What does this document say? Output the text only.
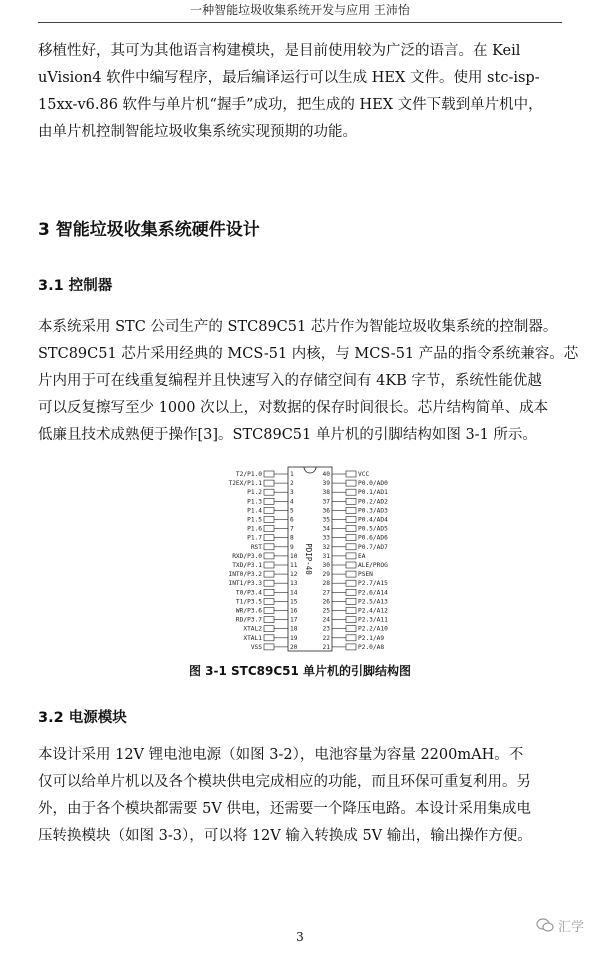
一种智能垃圾收集系统开发与应用 王沛怡

移植性好，其可为其他语言构建模块，是目前使用较为广泛的语言。在 Keil

uVision4 软件中编写程序，最后编译运行可以生成 HEX 文件。使用 stc-isp-

15xx-v6.86 软件与单片机“握手”成功，把生成的 HEX 文件下载到单片机中，

由单片机控制智能垃圾收集系统实现预期的功能。

3 智能垃圾收集系统硬件设计
3.1 控制器

本系统采用 STC 公司生产的 STC89C51 芯片作为智能垃圾收集系统的控制器。

STC89C51 芯片采用经典的 MCS-51 内核，与 MCS-51 产品的指令系统兼容。芯

片内用于可在线重复编程并且快速写入的存储空间有 4KB 字节，系统性能优越

可以反复擦写至少 1000 次以上，对数据的保存时间很长。芯片结构简单、成本

低廉且技术成熟便于操作[3]。STC89C51 单片机的引脚结构如图 3-1 所示。

PDIP-40
T2/P1.0	1
T2EX/P1.1	2
P1.2	3
P1.3	4
P1.4	5
P1.5	6
P1.6	7
P1.7	8
RST	9
RXD/P3.0	10
TXD/P3.1	11
INT0/P3.2	12
INT1/P3.3	13
T0/P3.4	14
T1/P3.5	15
WR/P3.6	16
RD/P3.7	17
XTAL2	18
XTAL1	19
VSS	20
40	VCC
39	P0.0/AD0
38	P0.1/AD1
37	P0.2/AD2
36	P0.3/AD3
35	P0.4/AD4
34	P0.5/AD5
33	P0.6/AD6
32	P0.7/AD7
31	EA
30	ALE/PROG
29	PSEN
28	P2.7/A15
27	P2.6/A14
26	P2.5/A13
25	P2.4/A12
24	P2.3/A11
23	P2.2/A10
22	P2.1/A9
21	P2.0/A8
图 3-1 STC89C51 单片机的引脚结构图
3.2 电源模块

本设计采用 12V 锂电池电源（如图 3-2），电池容量为容量 2200mAH。不

仅可以给单片机以及各个模块供电完成相应的功能，而且环保可重复利用。另

外，由于各个模块都需要 5V 供电，还需要一个降压电路。本设计采用集成电

压转换模块（如图 3-3），可以将 12V 输入转换成 5V 输出，输出操作方便。

汇学
3
